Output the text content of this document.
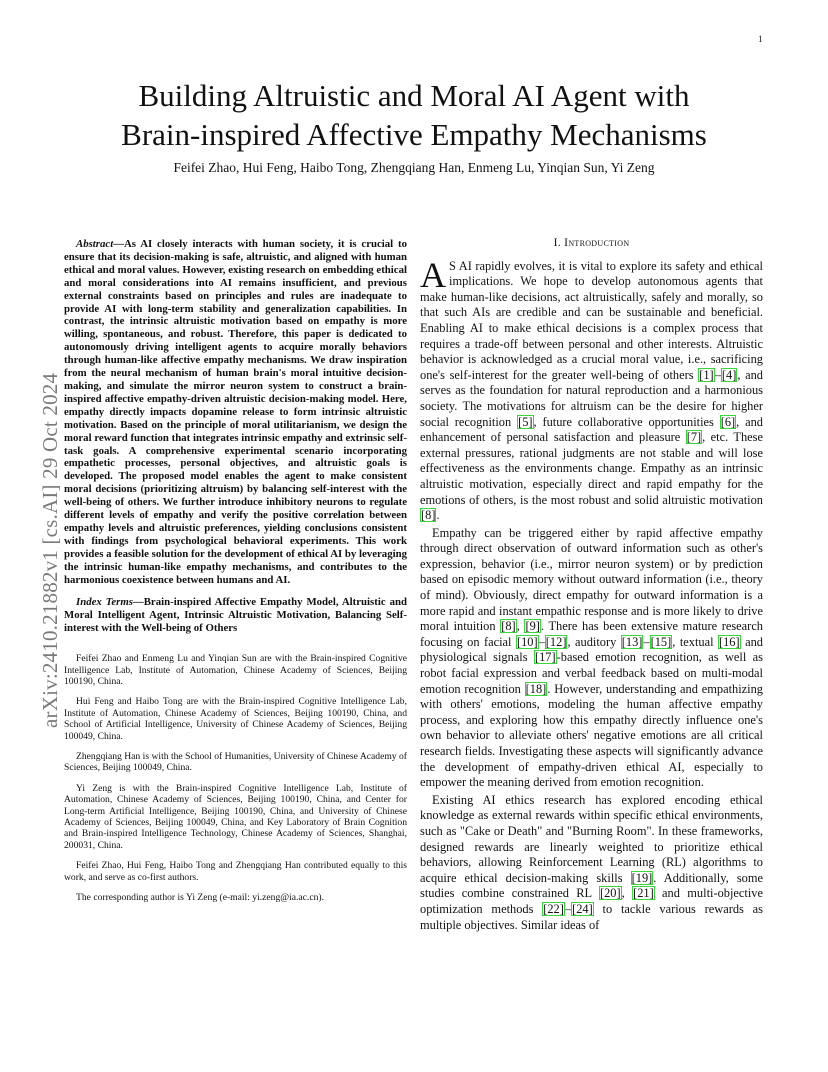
1
arXiv:2410.21882v1 [cs.AI] 29 Oct 2024
Building Altruistic and Moral AI Agent with
Brain-inspired Affective Empathy Mechanisms
Feifei Zhao, Hui Feng, Haibo Tong, Zhengqiang Han, Enmeng Lu, Yinqian Sun, Yi Zeng

Abstract—As AI closely interacts with human society, it is crucial to ensure that its decision-making is safe, altruistic, and aligned with human ethical and moral values. However, existing research on embedding ethical and moral considerations into AI remains insufficient, and previous external constraints based on principles and rules are inadequate to provide AI with long-term stability and generalization capabilities. In contrast, the intrinsic altruistic motivation based on empathy is more willing, spontaneous, and robust. Therefore, this paper is dedicated to autonomously driving intelligent agents to acquire morally behaviors through human-like affective empathy mechanisms. We draw inspiration from the neural mechanism of human brain's moral intuitive decision-making, and simulate the mirror neuron system to construct a brain-inspired affective empathy-driven altruistic decision-making model. Here, empathy directly impacts dopamine release to form intrinsic altruistic motivation. Based on the principle of moral utilitarianism, we design the moral reward function that integrates intrinsic empathy and extrinsic self-task goals. A comprehensive experimental scenario incorporating empathetic processes, personal objectives, and altruistic goals is developed. The proposed model enables the agent to make consistent moral decisions (prioritizing altruism) by balancing self-interest with the well-being of others. We further introduce inhibitory neurons to regulate different levels of empathy and verify the positive correlation between empathy levels and altruistic preferences, yielding conclusions consistent with findings from psychological behavioral experiments. This work provides a feasible solution for the development of ethical AI by leveraging the intrinsic human-like empathy mechanisms, and contributes to the harmonious coexistence between humans and AI.

Index Terms—Brain-inspired Affective Empathy Model, Altruistic and Moral Intelligent Agent, Intrinsic Altruistic Motivation, Balancing Self-interest with the Well-being of Others

Feifei Zhao and Enmeng Lu and Yinqian Sun are with the Brain-inspired Cognitive Intelligence Lab, Institute of Automation, Chinese Academy of Sciences, Beijing 100190, China.

Hui Feng and Haibo Tong are with the Brain-inspired Cognitive Intelligence Lab, Institute of Automation, Chinese Academy of Sciences, Beijing 100190, China, and School of Artificial Intelligence, University of Chinese Academy of Sciences, Beijing 100049, China.

Zhengqiang Han is with the School of Humanities, University of Chinese Academy of Sciences, Beijing 100049, China.

Yi Zeng is with the Brain-inspired Cognitive Intelligence Lab, Institute of Automation, Chinese Academy of Sciences, Beijing 100190, China, and Center for Long-term Artificial Intelligence, Beijing 100190, China, and University of Chinese Academy of Sciences, Beijing 100049, China, and Key Laboratory of Brain Cognition and Brain-inspired Intelligence Technology, Chinese Academy of Sciences, Shanghai, 200031, China.

Feifei Zhao, Hui Feng, Haibo Tong and Zhengqiang Han contributed equally to this work, and serve as co-first authors.

The corresponding author is Yi Zeng (e-mail: yi.zeng@ia.ac.cn).

I. Introduction

A S AI rapidly evolves, it is vital to explore its safety and ethical implications. We hope to develop autonomous agents that make human-like decisions, act altruistically, safely and morally, so that such AIs are credible and can be sustainable and beneficial. Enabling AI to make ethical decisions is a complex process that requires a trade-off between personal and other interests. Altruistic behavior is acknowledged as a crucial moral value, i.e., sacrificing one's self-interest for the greater well-being of others [1]–[4], and serves as the foundation for natural reproduction and a harmonious society. The motivations for altruism can be the desire for higher social recognition [5], future collaborative opportunities [6], and enhancement of personal satisfaction and pleasure [7], etc. These external pressures, rational judgments are not stable and will lose effectiveness as the environments change. Empathy as an intrinsic altruistic motivation, especially direct and rapid empathy for the emotions of others, is the most robust and solid altruistic motivation [8].

Empathy can be triggered either by rapid affective empathy through direct observation of outward information such as other's expression, behavior (i.e., mirror neuron system) or by prediction based on episodic memory without outward information (i.e., theory of mind). Obviously, direct empathy for outward information is a more rapid and instant empathic response and is more likely to drive moral intuition [8], [9]. There has been extensive mature research focusing on facial [10]–[12], auditory [13]–[15], textual [16] and physiological signals [17]-based emotion recognition, as well as robot facial expression and verbal feedback based on multi-modal emotion recognition [18]. However, understanding and empathizing with others' emotions, modeling the human affective empathy process, and exploring how this empathy directly influence one's own behavior to alleviate others' negative emotions are all critical research fields. Investigating these aspects will significantly advance the development of empathy-driven ethical AI, especially to empower the meaning derived from emotion recognition.

Existing AI ethics research has explored encoding ethical knowledge as external rewards within specific ethical environments, such as "Cake or Death" and "Burning Room". In these frameworks, designed rewards are linearly weighted to prioritize ethical behaviors, allowing Reinforcement Learning (RL) algorithms to acquire ethical decision-making skills [19]. Additionally, some studies combine constrained RL [20], [21] and multi-objective optimization methods [22]–[24] to tackle various rewards as multiple objectives. Similar ideas of
